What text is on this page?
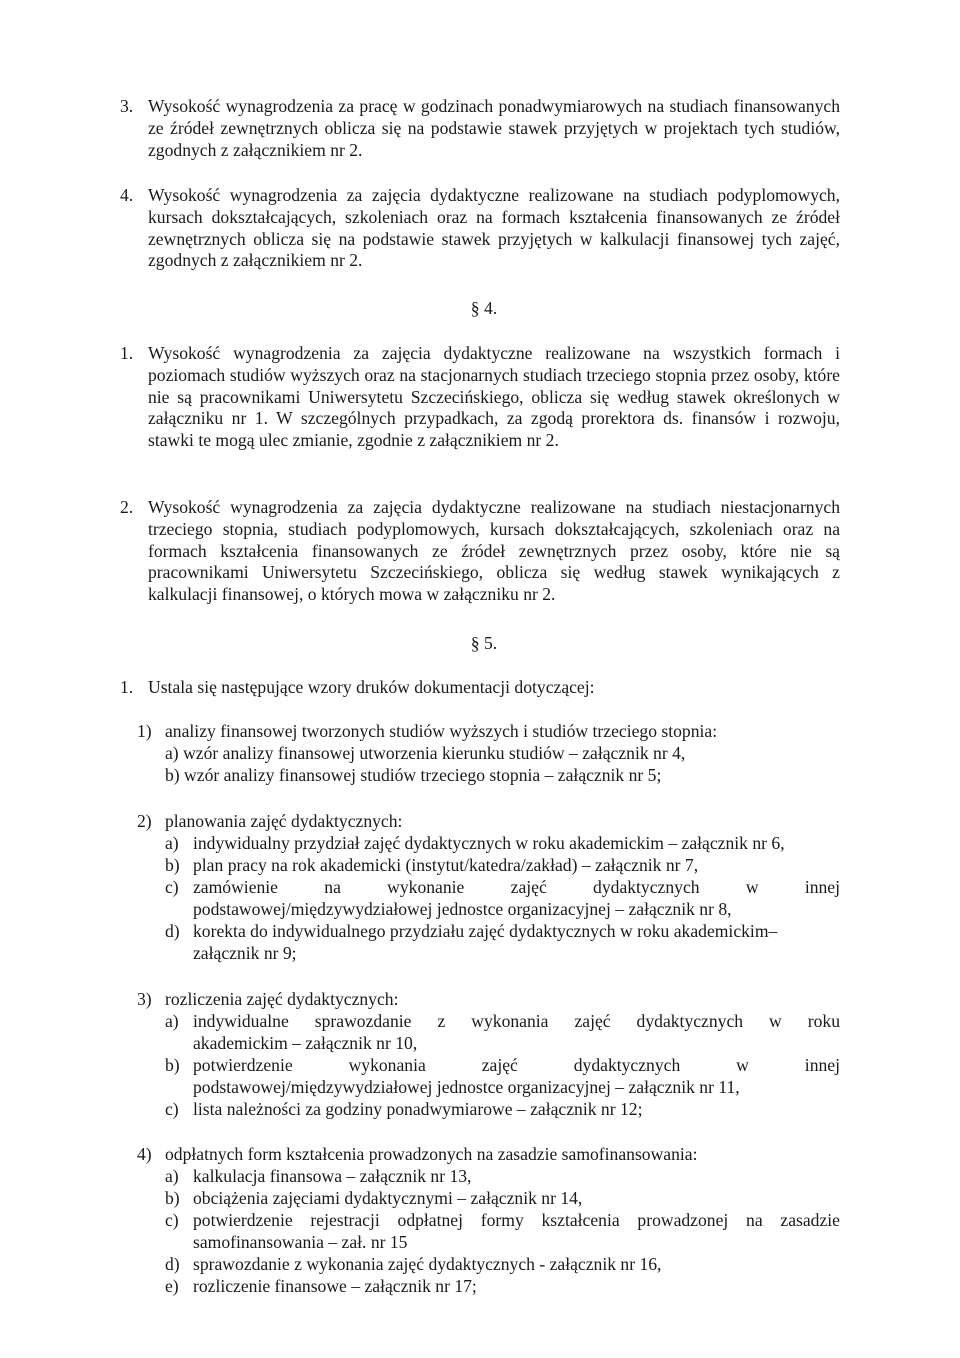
3. Wysokość wynagrodzenia za pracę w godzinach ponadwymiarowych na studiach finansowanych ze źródeł zewnętrznych oblicza się na podstawie stawek przyjętych w projektach tych studiów, zgodnych z załącznikiem nr 2.
4. Wysokość wynagrodzenia za zajęcia dydaktyczne realizowane na studiach podyplomowych, kursach dokształcających, szkoleniach oraz na formach kształcenia finansowanych ze źródeł zewnętrznych oblicza się na podstawie stawek przyjętych w kalkulacji finansowej tych zajęć, zgodnych z załącznikiem nr 2.
§ 4.
1. Wysokość wynagrodzenia za zajęcia dydaktyczne realizowane na wszystkich formach i poziomach studiów wyższych oraz na stacjonarnych studiach trzeciego stopnia przez osoby, które nie są pracownikami Uniwersytetu Szczecińskiego, oblicza się według stawek określonych w załączniku nr 1. W szczególnych przypadkach, za zgodą prorektora ds. finansów i rozwoju, stawki te mogą ulec zmianie, zgodnie z załącznikiem nr 2.
2. Wysokość wynagrodzenia za zajęcia dydaktyczne realizowane na studiach niestacjonarnych trzeciego stopnia, studiach podyplomowych, kursach dokształcających, szkoleniach oraz na formach kształcenia finansowanych ze źródeł zewnętrznych przez osoby, które nie są pracownikami Uniwersytetu Szczecińskiego, oblicza się według stawek wynikających z kalkulacji finansowej, o których mowa w załączniku nr 2.
§ 5.
1. Ustala się następujące wzory druków dokumentacji dotyczącej:
1) analizy finansowej tworzonych studiów wyższych i studiów trzeciego stopnia:
a) wzór analizy finansowej utworzenia kierunku studiów – załącznik nr 4,
b) wzór analizy finansowej studiów trzeciego stopnia – załącznik nr 5;
2) planowania zajęć dydaktycznych:
a) indywidualny przydział zajęć dydaktycznych w roku akademickim – załącznik nr 6,
b) plan pracy na rok akademicki (instytut/katedra/zakład) – załącznik nr 7,
c) zamówienie na wykonanie zajęć dydaktycznych w innej
podstawowej/międzywydziałowej jednostce organizacyjnej – załącznik nr 8,
d) korekta do indywidualnego przydziału zajęć dydaktycznych w roku akademickim–
załącznik nr 9;
3) rozliczenia zajęć dydaktycznych:
a) indywidualne sprawozdanie z wykonania zajęć dydaktycznych w roku
akademickim – załącznik nr 10,
b) potwierdzenie wykonania zajęć dydaktycznych w innej
podstawowej/międzywydziałowej jednostce organizacyjnej – załącznik nr 11,
c) lista należności za godziny ponadwymiarowe – załącznik nr 12;
4) odpłatnych form kształcenia prowadzonych na zasadzie samofinansowania:
a) kalkulacja finansowa – załącznik nr 13,
b) obciążenia zajęciami dydaktycznymi – załącznik nr 14,
c) potwierdzenie rejestracji odpłatnej formy kształcenia prowadzonej na zasadzie
samofinansowania – zał. nr 15
d) sprawozdanie z wykonania zajęć dydaktycznych - załącznik nr 16,
e) rozliczenie finansowe – załącznik nr 17;
